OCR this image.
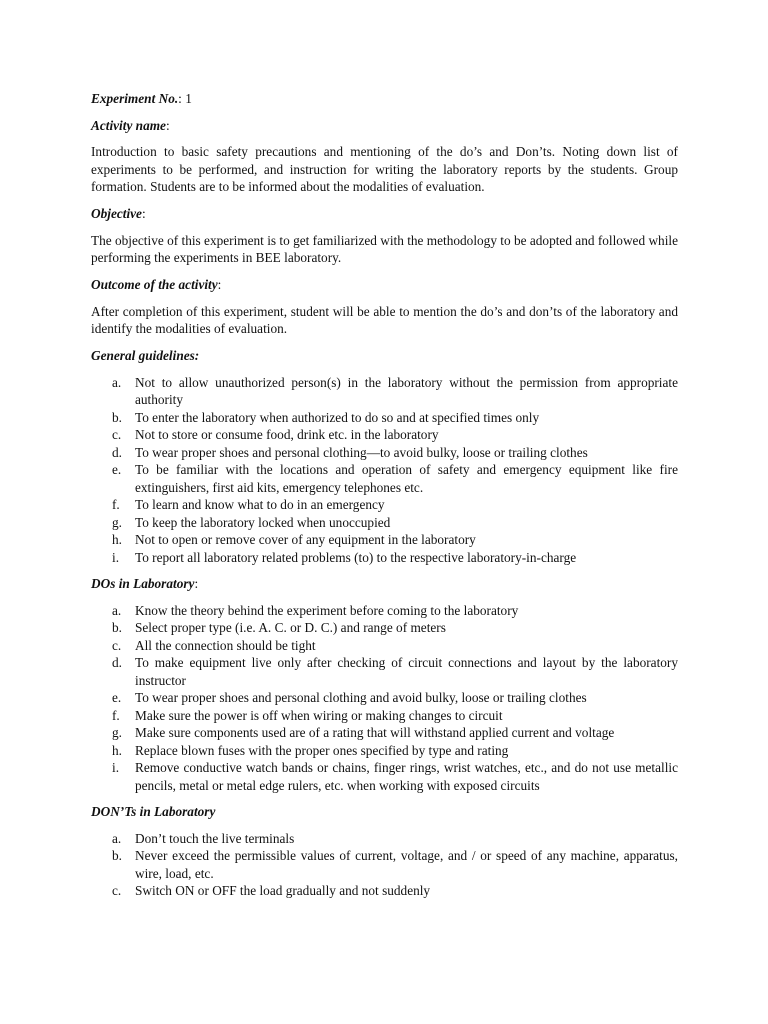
Experiment No.: 1

Activity name:

Introduction to basic safety precautions and mentioning of the do’s and Don’ts. Noting down list of experiments to be performed, and instruction for writing the laboratory reports by the students. Group formation. Students are to be informed about the modalities of evaluation.

Objective:

The objective of this experiment is to get familiarized with the methodology to be adopted and followed while performing the experiments in BEE laboratory.

Outcome of the activity:

After completion of this experiment, student will be able to mention the do’s and don’ts of the laboratory and identify the modalities of evaluation.

General guidelines:

a. Not to allow unauthorized person(s) in the laboratory without the permission from appropriate authority
b. To enter the laboratory when authorized to do so and at specified times only
c. Not to store or consume food, drink etc. in the laboratory
d. To wear proper shoes and personal clothing—to avoid bulky, loose or trailing clothes
e. To be familiar with the locations and operation of safety and emergency equipment like fire extinguishers, first aid kits, emergency telephones etc.
f. To learn and know what to do in an emergency
g. To keep the laboratory locked when unoccupied
h. Not to open or remove cover of any equipment in the laboratory
i. To report all laboratory related problems (to) to the respective laboratory-in-charge

DOs in Laboratory:

a. Know the theory behind the experiment before coming to the laboratory
b. Select proper type (i.e. A. C. or D. C.) and range of meters
c. All the connection should be tight
d. To make equipment live only after checking of circuit connections and layout by the laboratory instructor
e. To wear proper shoes and personal clothing and avoid bulky, loose or trailing clothes
f. Make sure the power is off when wiring or making changes to circuit
g. Make sure components used are of a rating that will withstand applied current and voltage
h. Replace blown fuses with the proper ones specified by type and rating
i. Remove conductive watch bands or chains, finger rings, wrist watches, etc., and do not use metallic pencils, metal or metal edge rulers, etc. when working with exposed circuits

DON’Ts in Laboratory

a. Don’t touch the live terminals
b. Never exceed the permissible values of current, voltage, and / or speed of any machine, apparatus, wire, load, etc.
c. Switch ON or OFF the load gradually and not suddenly
